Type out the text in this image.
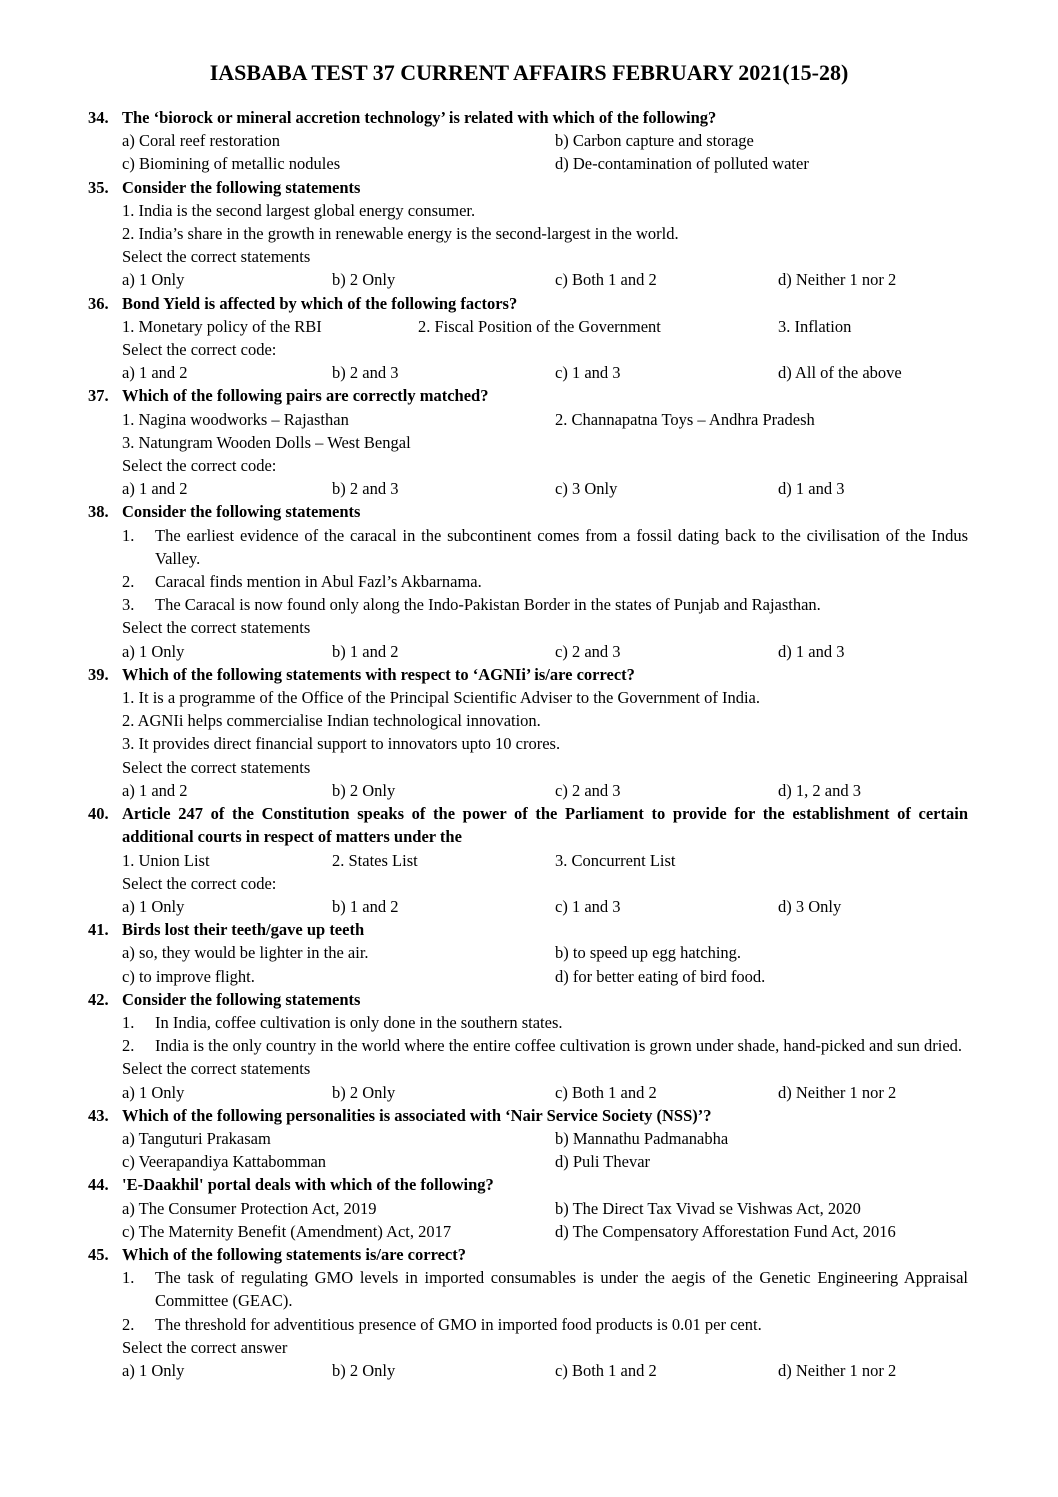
IASBABA TEST 37 CURRENT AFFAIRS FEBRUARY 2021(15-28)
34. The ‘biorock or mineral accretion technology’ is related with which of the following?
a) Coral reef restoration	b) Carbon capture and storage
c) Biomining of metallic nodules	d) De-contamination of polluted water
35. Consider the following statements
1. India is the second largest global energy consumer.
2. India’s share in the growth in renewable energy is the second-largest in the world.
Select the correct statements
a) 1 Only	b) 2 Only	c) Both 1 and 2	d) Neither 1 nor 2
36. Bond Yield is affected by which of the following factors?
1. Monetary policy of the RBI	2. Fiscal Position of the Government	3. Inflation
Select the correct code:
a) 1 and 2	b) 2 and 3	c) 1 and 3	d) All of the above
37. Which of the following pairs are correctly matched?
1. Nagina woodworks – Rajasthan	2. Channapatna Toys – Andhra Pradesh
3. Natungram Wooden Dolls – West Bengal
Select the correct code:
a) 1 and 2	b) 2 and 3	c) 3 Only	d) 1 and 3
38. Consider the following statements
1.	The earliest evidence of the caracal in the subcontinent comes from a fossil dating back to the civilisation of the Indus Valley.
2.	Caracal finds mention in Abul Fazl’s Akbarnama.
3.	The Caracal is now found only along the Indo-Pakistan Border in the states of Punjab and Rajasthan.
Select the correct statements
a) 1 Only	b) 1 and 2	c) 2 and 3	d) 1 and 3
39. Which of the following statements with respect to ‘AGNIi’ is/are correct?
1. It is a programme of the Office of the Principal Scientific Adviser to the Government of India.
2. AGNIi helps commercialise Indian technological innovation.
3. It provides direct financial support to innovators upto 10 crores.
Select the correct statements
a) 1 and 2	b) 2 Only	c) 2 and 3	d) 1, 2 and 3
40. Article 247 of the Constitution speaks of the power of the Parliament to provide for the establishment of certain additional courts in respect of matters under the
1. Union List	2. States List	3. Concurrent List
Select the correct code:
a) 1 Only	b) 1 and 2	c) 1 and 3	d) 3 Only
41. Birds lost their teeth/gave up teeth
a) so, they would be lighter in the air.	b) to speed up egg hatching.
c) to improve flight.	d) for better eating of bird food.
42. Consider the following statements
1.	In India, coffee cultivation is only done in the southern states.
2.	India is the only country in the world where the entire coffee cultivation is grown under shade, hand-picked and sun dried.
Select the correct statements
a) 1 Only	b) 2 Only	c) Both 1 and 2	d) Neither 1 nor 2
43. Which of the following personalities is associated with ‘Nair Service Society (NSS)’?
a) Tanguturi Prakasam	b) Mannathu Padmanabha
c) Veerapandiya Kattabomman	d) Puli Thevar
44. 'E-Daakhil' portal deals with which of the following?
a) The Consumer Protection Act, 2019	b) The Direct Tax Vivad se Vishwas Act, 2020
c) The Maternity Benefit (Amendment) Act, 2017	d) The Compensatory Afforestation Fund Act, 2016
45. Which of the following statements is/are correct?
1.	The task of regulating GMO levels in imported consumables is under the aegis of the Genetic Engineering Appraisal Committee (GEAC).
2.	The threshold for adventitious presence of GMO in imported food products is 0.01 per cent.
Select the correct answer
a) 1 Only	b) 2 Only	c) Both 1 and 2	d) Neither 1 nor 2
